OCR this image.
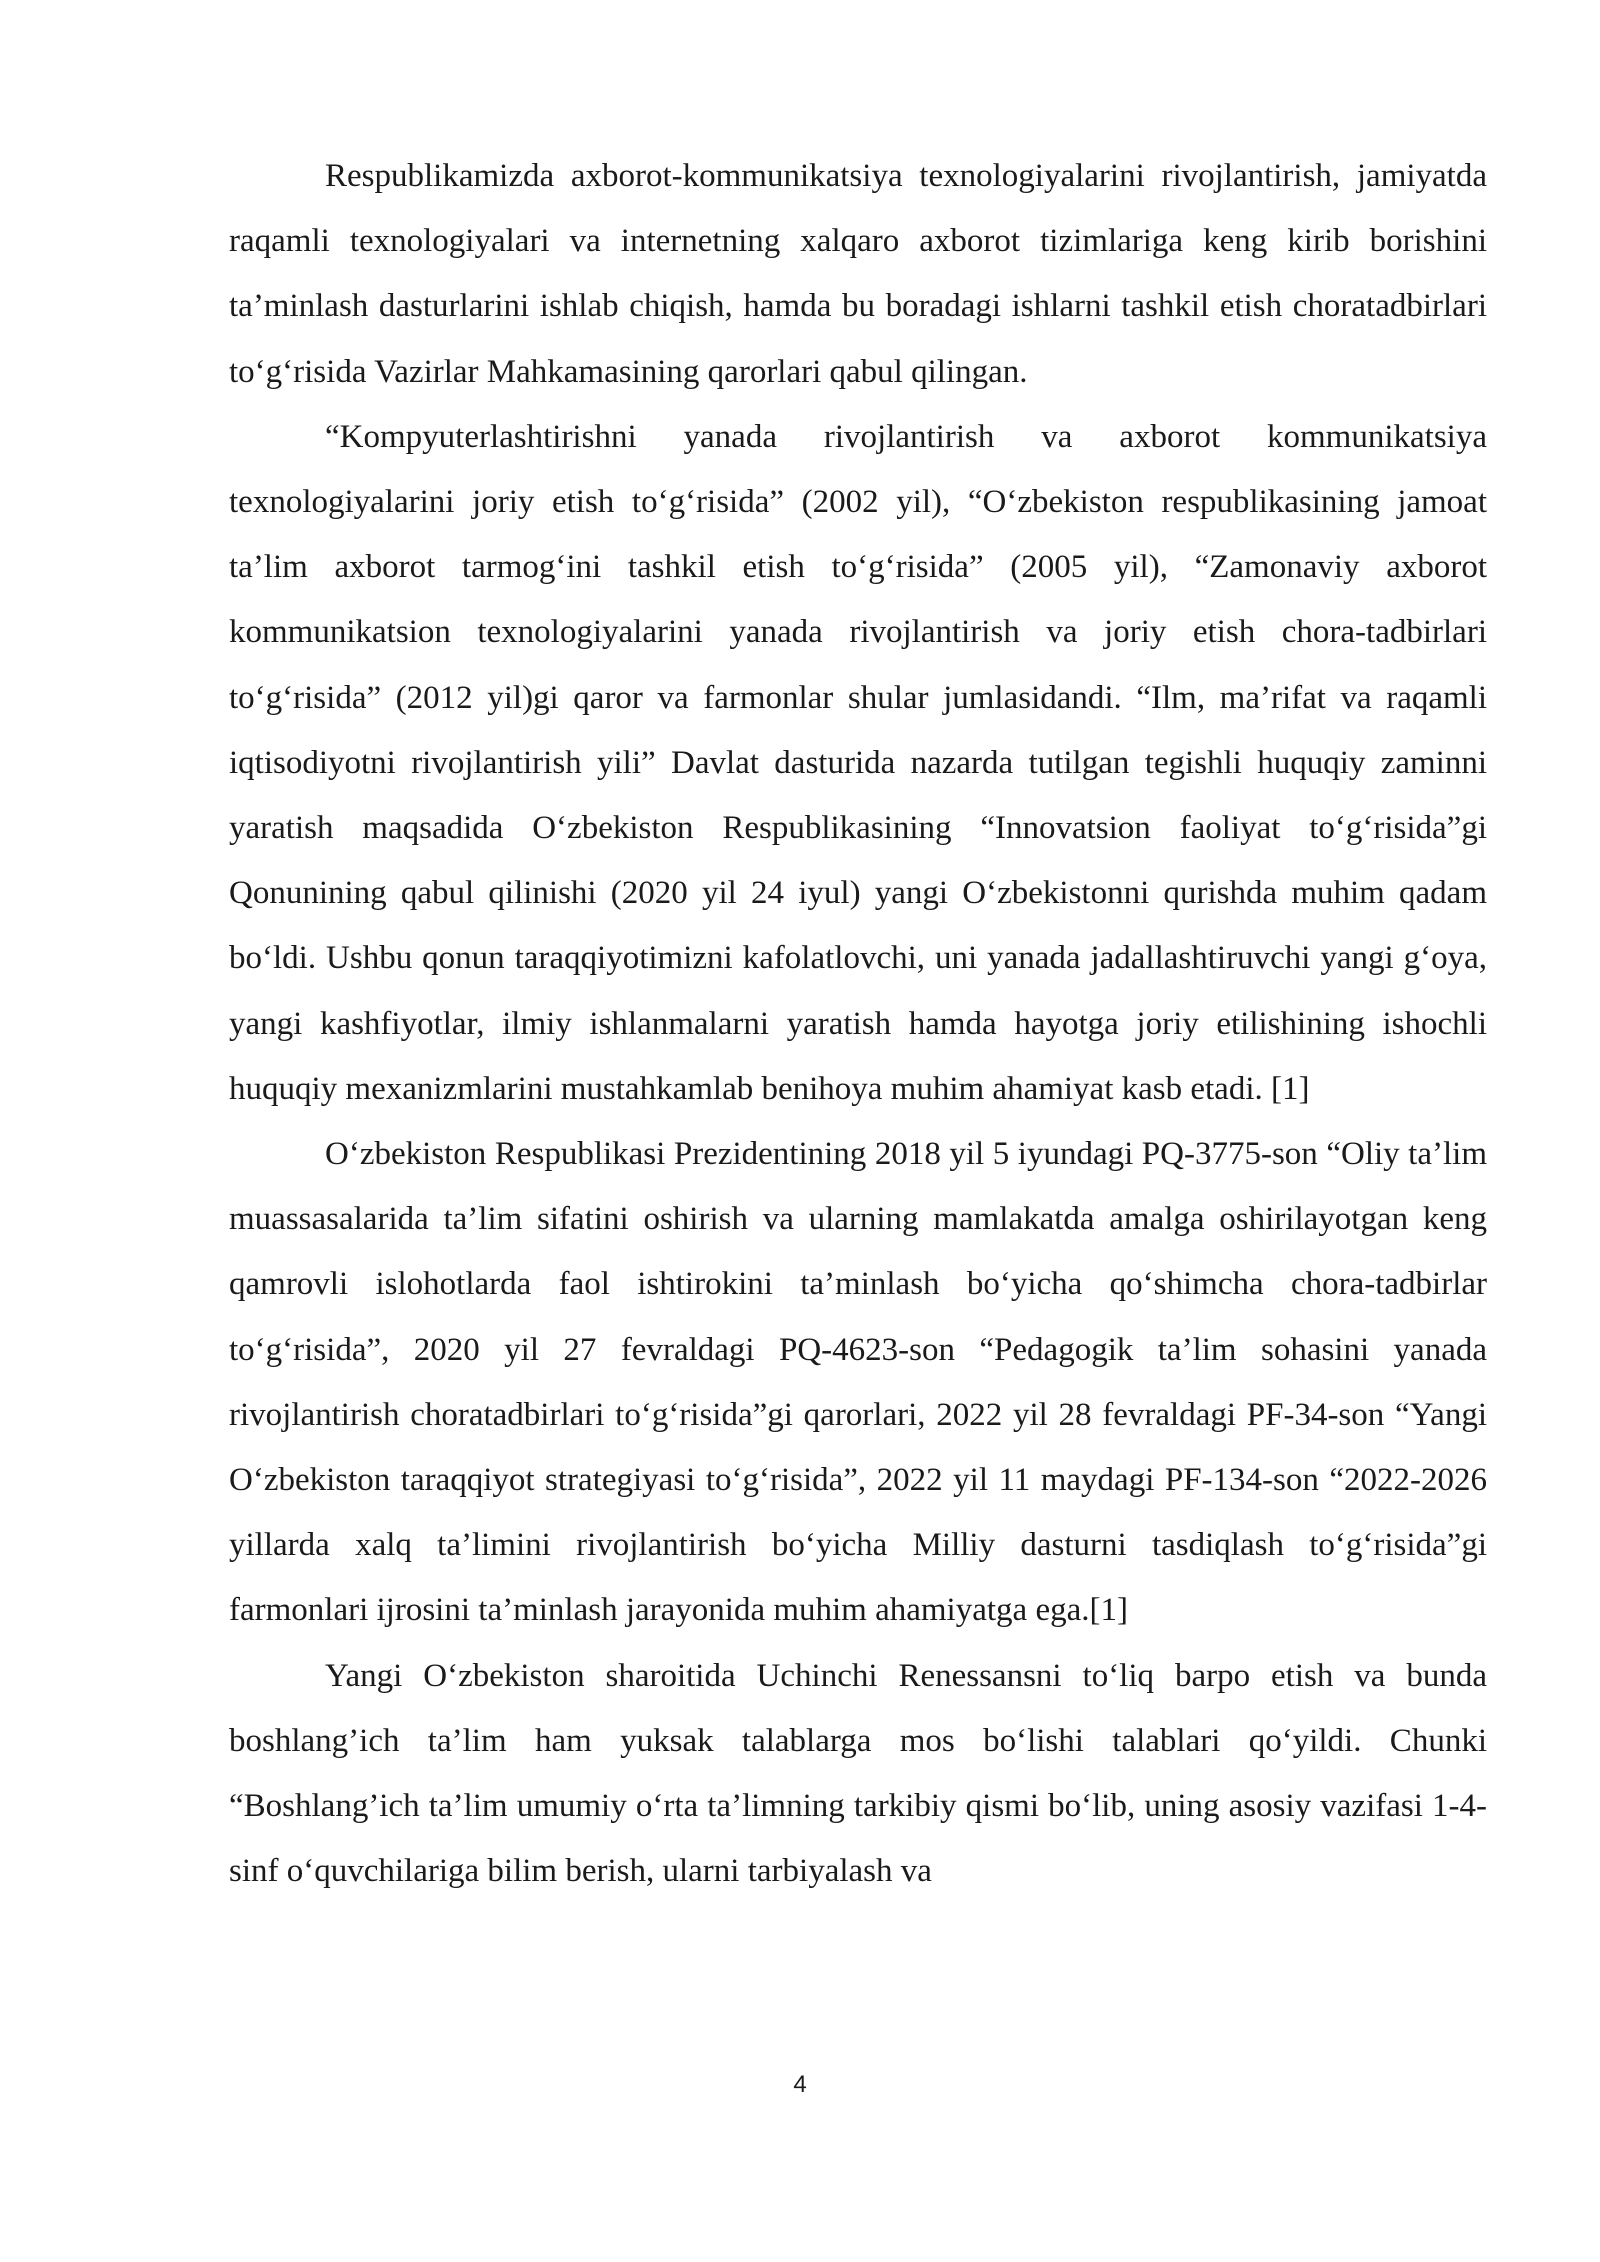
Respublikamizda axborot-kommunikatsiya texnologiyalarini rivojlantirish, jamiyatda raqamli texnologiyalari va internetning xalqaro axborot tizimlariga keng kirib borishini ta’minlash dasturlarini ishlab chiqish, hamda bu boradagi ishlarni tashkil etish choratadbirlari to‘g‘risida Vazirlar Mahkamasining qarorlari qabul qilingan.

“Kompyuterlashtirishni yanada rivojlantirish va axborot kommunikatsiya texnologiyalarini joriy etish to‘g‘risida” (2002 yil), “O‘zbekiston respublikasining jamoat ta’lim axborot tarmog‘ini tashkil etish to‘g‘risida” (2005 yil), “Zamonaviy axborot kommunikatsion texnologiyalarini yanada rivojlantirish va joriy etish chora-tadbirlari to‘g‘risida” (2012 yil)gi qaror va farmonlar shular jumlasidandi. “Ilm, ma’rifat va raqamli iqtisodiyotni rivojlantirish yili” Davlat dasturida nazarda tutilgan tegishli huquqiy zaminni yaratish maqsadida O‘zbekiston Respublikasining “Innovatsion faoliyat to‘g‘risida”gi Qonunining qabul qilinishi (2020 yil 24 iyul) yangi O‘zbekistonni qurishda muhim qadam bo‘ldi. Ushbu qonun taraqqiyotimizni kafolatlovchi, uni yanada jadallashtiruvchi yangi g‘oya, yangi kashfiyotlar, ilmiy ishlanmalarni yaratish hamda hayotga joriy etilishining ishochli huquqiy mexanizmlarini mustahkamlab benihoya muhim ahamiyat kasb etadi. [1]

O‘zbekiston Respublikasi Prezidentining 2018 yil 5 iyundagi PQ-3775-son “Oliy ta’lim muassasalarida ta’lim sifatini oshirish va ularning mamlakatda amalga oshirilayotgan keng qamrovli islohotlarda faol ishtirokini ta’minlash bo‘yicha qo‘shimcha chora-tadbirlar to‘g‘risida”, 2020 yil 27 fevraldagi PQ-4623-son “Pedagogik ta’lim sohasini yanada rivojlantirish choratadbirlari to‘g‘risida”gi qarorlari, 2022 yil 28 fevraldagi PF-34-son “Yangi O‘zbekiston taraqqiyot strategiyasi to‘g‘risida”, 2022 yil 11 maydagi PF-134-son “2022-2026 yillarda xalq ta’limini rivojlantirish bo‘yicha Milliy dasturni tasdiqlash to‘g‘risida”gi farmonlari ijrosini ta’minlash jarayonida muhim ahamiyatga ega.[1]

Yangi O‘zbekiston sharoitida Uchinchi Renessansni to‘liq barpo etish va bunda boshlang’ich ta’lim ham yuksak talablarga mos bo‘lishi talablari qo‘yildi. Chunki “Boshlang’ich ta’lim umumiy o‘rta ta’limning tarkibiy qismi bo‘lib, uning asosiy vazifasi 1-4-sinf o‘quvchilariga bilim berish, ularni tarbiyalash va

4
